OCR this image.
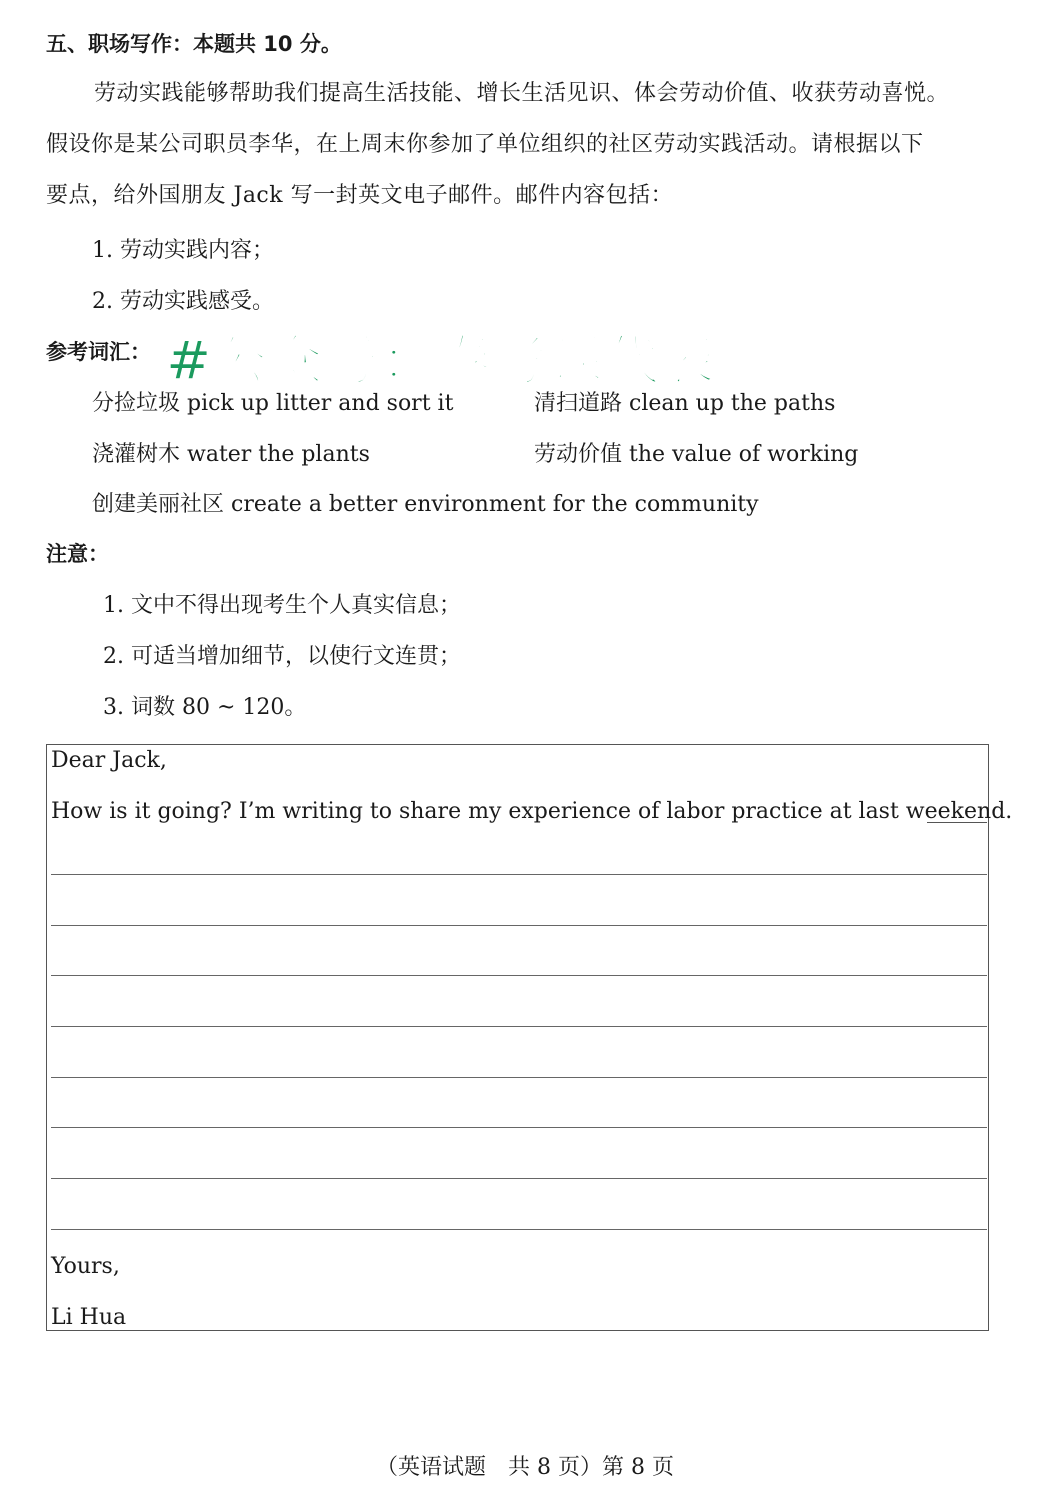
五、职场写作：本题共 10 分。
劳动实践能够帮助我们提高生活技能、增长生活见识、体会劳动价值、收获劳动喜悦。
假设你是某公司职员李华，在上周末你参加了单位组织的社区劳动实践活动。请根据以下
要点，给外国朋友 Jack 写一封英文电子邮件。邮件内容包括：
1. 劳动实践内容；
2. 劳动实践感受。
参考词汇： #公众号：春考课代表
分捡垃圾 pick up litter and sort it	清扫道路 clean up the paths
浇灌树木 water the plants	劳动价值 the value of working
创建美丽社区 create a better environment for the community
注意：
1. 文中不得出现考生个人真实信息；
2. 可适当增加细节，以使行文连贯；
3. 词数 80 ~ 120。
Dear Jack,
How is it going? I’m writing to share my experience of labor practice at last weekend.
Yours,
Li Hua
（英语试题　共 8 页）第 8 页
